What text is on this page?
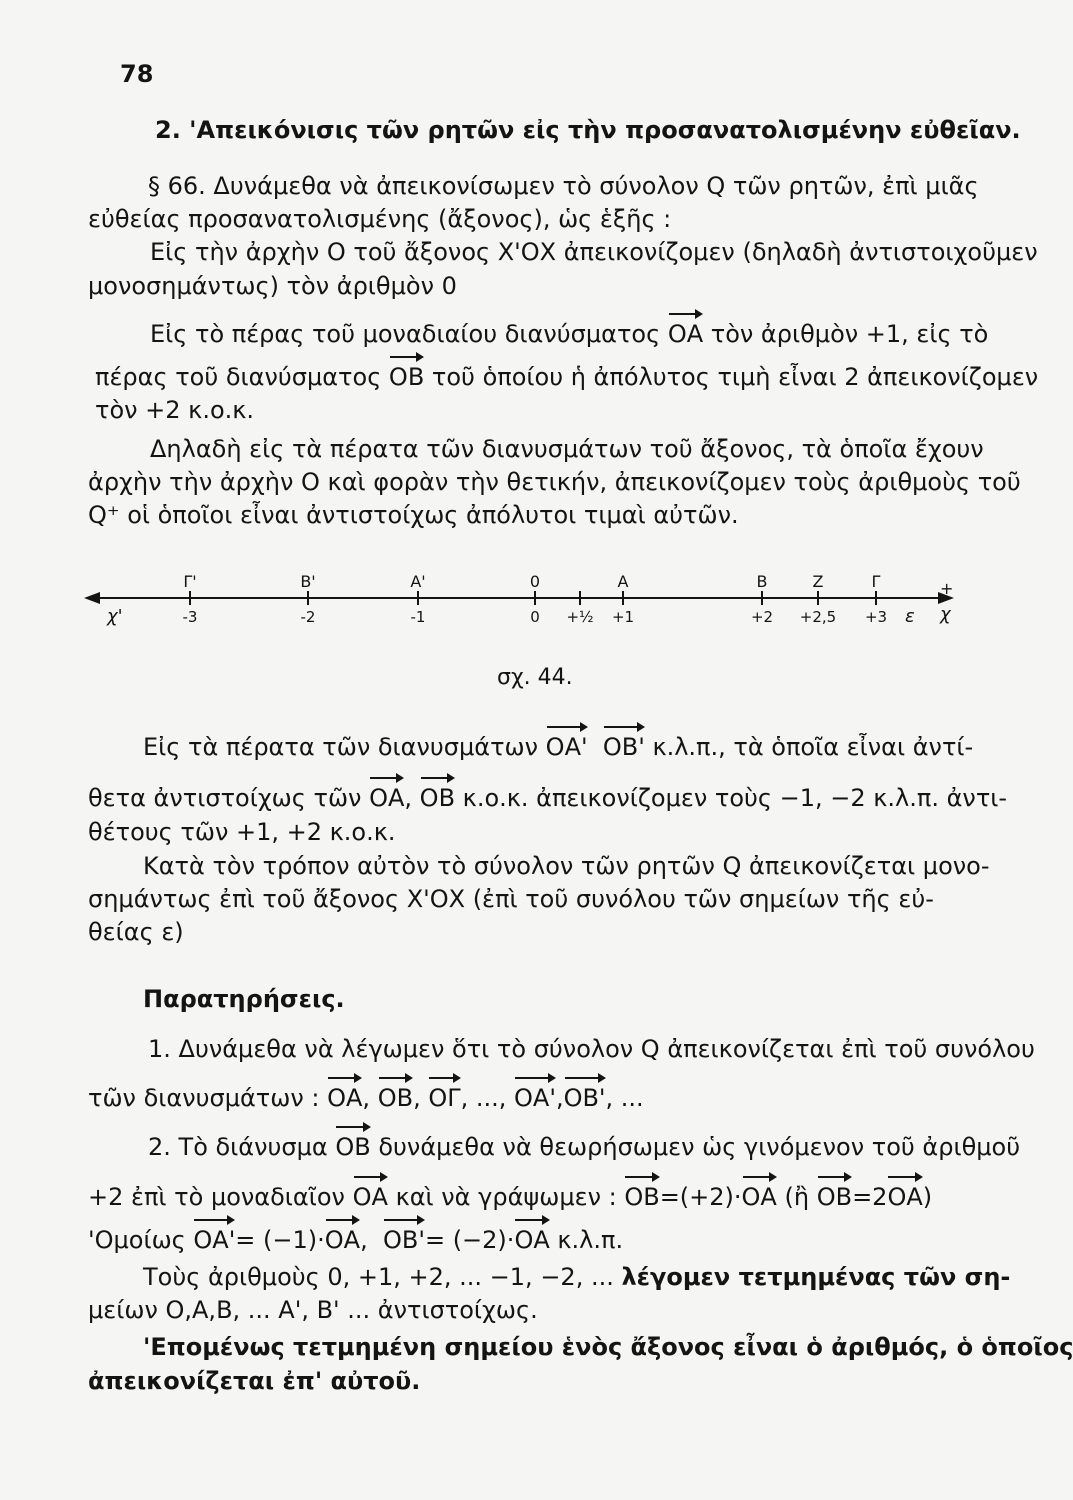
78
2. 'Απεικόνισις τῶν ρητῶν εἰς τὴν προσανατολισμένην εὐθεῖαν.
§ 66. Δυνάμεθα νὰ ἀπεικονίσωμεν τὸ σύνολον Q τῶν ρητῶν, ἐπὶ μιᾶς
εὐθείας προσανατολισμένης (ἄξονος), ὡς ἑξῆς :
Εἰς τὴν ἀρχὴν Ο τοῦ ἄξονος Χ'ΟΧ ἀπεικονίζομεν (δηλαδὴ ἀντιστοιχοῦμεν
μονοσημάντως) τὸν ἀριθμὸν 0
Εἰς τὸ πέρας τοῦ μοναδιαίου διανύσματος ΟΑ τὸν ἀριθμὸν +1, εἰς τὸ
πέρας τοῦ διανύσματος ΟΒ τοῦ ὁποίου ἡ ἀπόλυτος τιμὴ εἶναι 2 ἀπεικονίζομεν
τὸν +2 κ.ο.κ.
Δηλαδὴ εἰς τὰ πέρατα τῶν διανυσμάτων τοῦ ἄξονος, τὰ ὁποῖα ἔχουν
ἀρχὴν τὴν ἀρχὴν Ο καὶ φορὰν τὴν θετικήν, ἀπεικονίζομεν τοὺς ἀριθμοὺς τοῦ
Q⁺ οἱ ὁποῖοι εἶναι ἀντιστοίχως ἀπόλυτοι τιμαὶ αὐτῶν.
χ'	χ
+
ε
Γ'
-3
Β'
-2
Α'
-1
0
0 +½
Α
+1
Β
+2
Ζ
+2,5
Γ
+3
σχ. 44.
Εἰς τὰ πέρατα τῶν διανυσμάτων ΟΑ' ΟΒ' κ.λ.π., τὰ ὁποῖα εἶναι ἀντί-
θετα ἀντιστοίχως τῶν ΟΑ, ΟΒ κ.ο.κ. ἀπεικονίζομεν τοὺς −1, −2 κ.λ.π. ἀντι-
θέτους τῶν +1, +2 κ.ο.κ.
Κατὰ τὸν τρόπον αὐτὸν τὸ σύνολον τῶν ρητῶν Q ἀπεικονίζεται μονο-
σημάντως ἐπὶ τοῦ ἄξονος Χ'ΟΧ (ἐπὶ τοῦ συνόλου τῶν σημείων τῆς εὐ-
θείας ε)
Παρατηρήσεις.
1. Δυνάμεθα νὰ λέγωμεν ὅτι τὸ σύνολον Q ἀπεικονίζεται ἐπὶ τοῦ συνόλου
τῶν διανυσμάτων : ΟΑ, ΟΒ, ΟΓ, ..., ΟΑ',ΟΒ', ...
2. Τὸ διάνυσμα ΟΒ δυνάμεθα νὰ θεωρήσωμεν ὡς γινόμενον τοῦ ἀριθμοῦ
+2 ἐπὶ τὸ μοναδιαῖον ΟΑ καὶ νὰ γράψωμεν : ΟΒ=(+2)·ΟΑ (ἢ ΟΒ=2ΟΑ)
'Ομοίως ΟΑ'= (−1)·ΟΑ, ΟΒ'= (−2)·ΟΑ κ.λ.π.
Τοὺς ἀριθμοὺς 0, +1, +2, ... −1, −2, ... λέγομεν τετμημένας τῶν ση-
μείων Ο,Α,Β, ... Α', Β' ... ἀντιστοίχως.
'Επομένως τετμημένη σημείου ἑνὸς ἄξονος εἶναι ὁ ἀριθμός, ὁ ὁποῖος
ἀπεικονίζεται ἐπ' αὐτοῦ.
